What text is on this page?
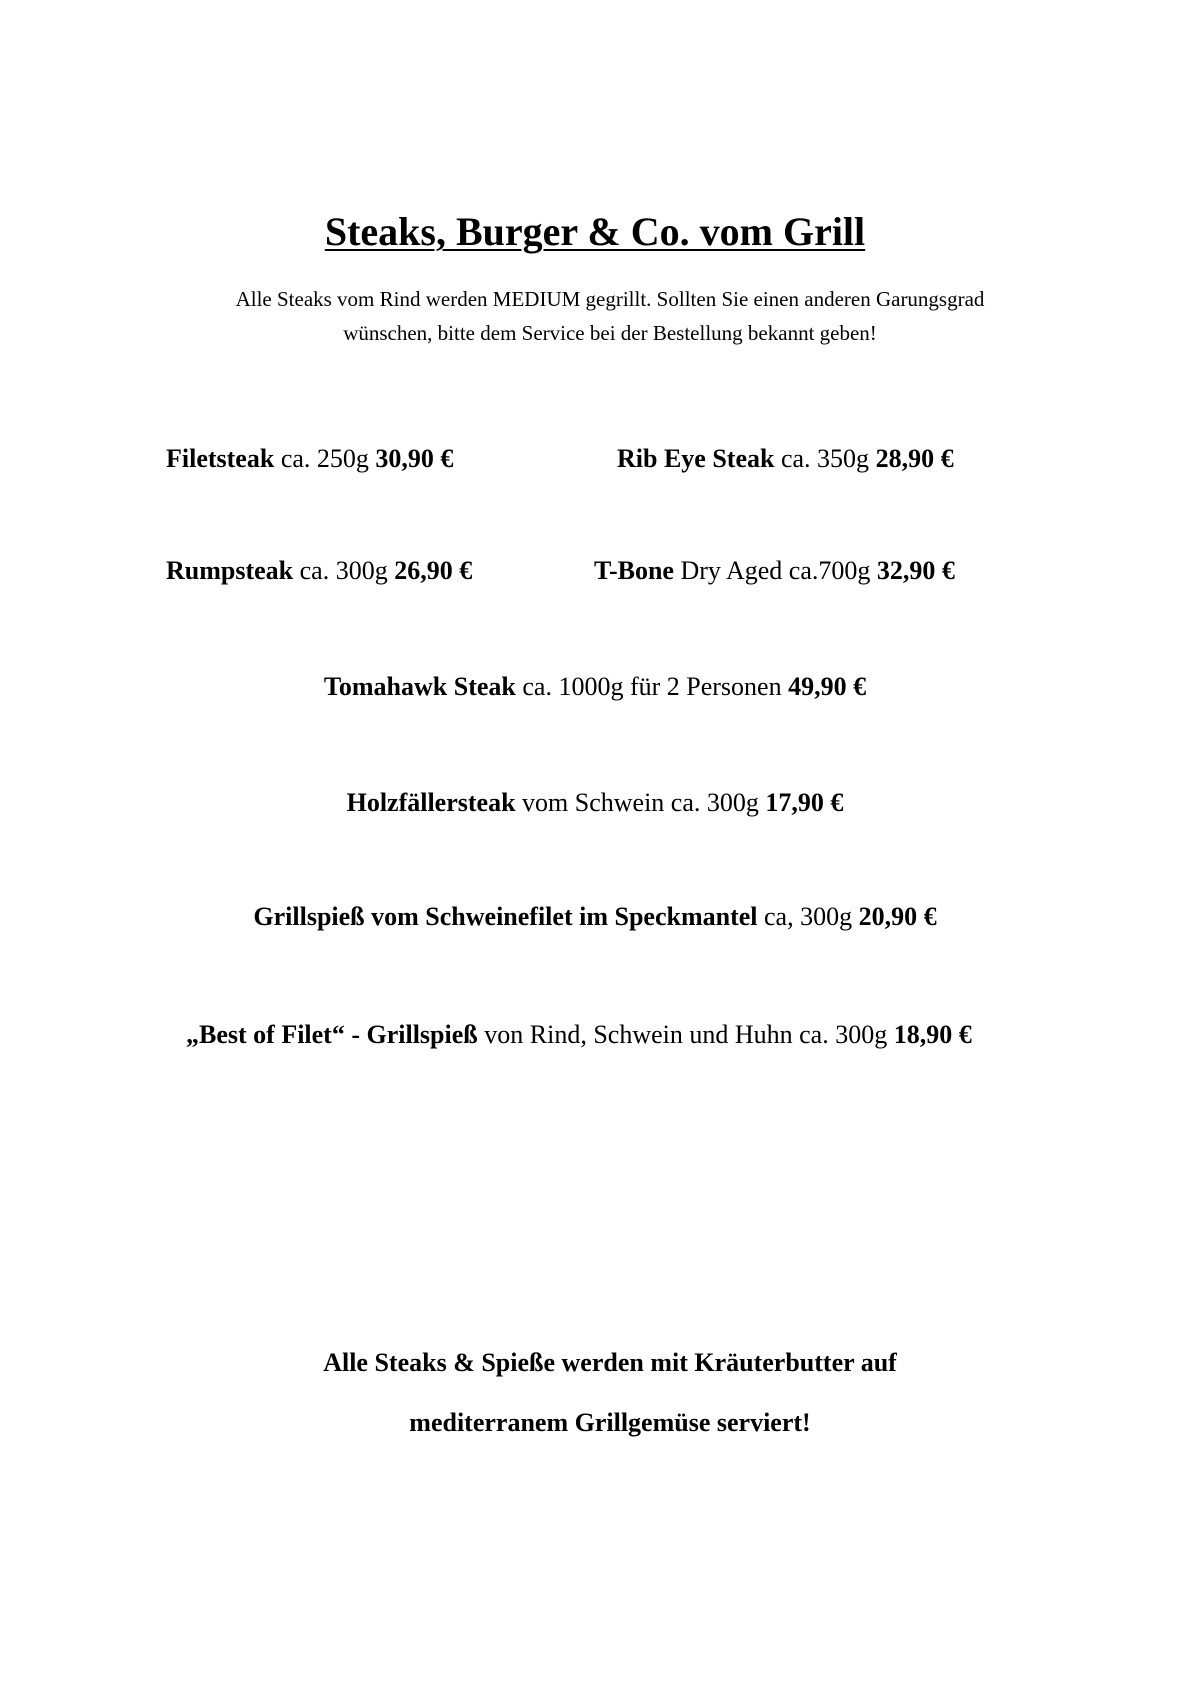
Steaks, Burger & Co. vom Grill
Alle Steaks vom Rind werden MEDIUM gegrillt. Sollten Sie einen anderen Garungsgrad
wünschen, bitte dem Service bei der Bestellung bekannt geben!
Filetsteak ca. 250g 30,90 €	Rib Eye Steak ca. 350g 28,90 €
Rumpsteak ca. 300g 26,90 €	T-Bone Dry Aged ca.700g 32,90 €
Tomahawk Steak ca. 1000g für 2 Personen 49,90 €
Holzfällersteak vom Schwein ca. 300g 17,90 €
Grillspieß vom Schweinefilet im Speckmantel ca, 300g 20,90 €
„Best of Filet“ - Grillspieß von Rind, Schwein und Huhn ca. 300g 18,90 €
Alle Steaks & Spieße werden mit Kräuterbutter auf
mediterranem Grillgemüse serviert!
